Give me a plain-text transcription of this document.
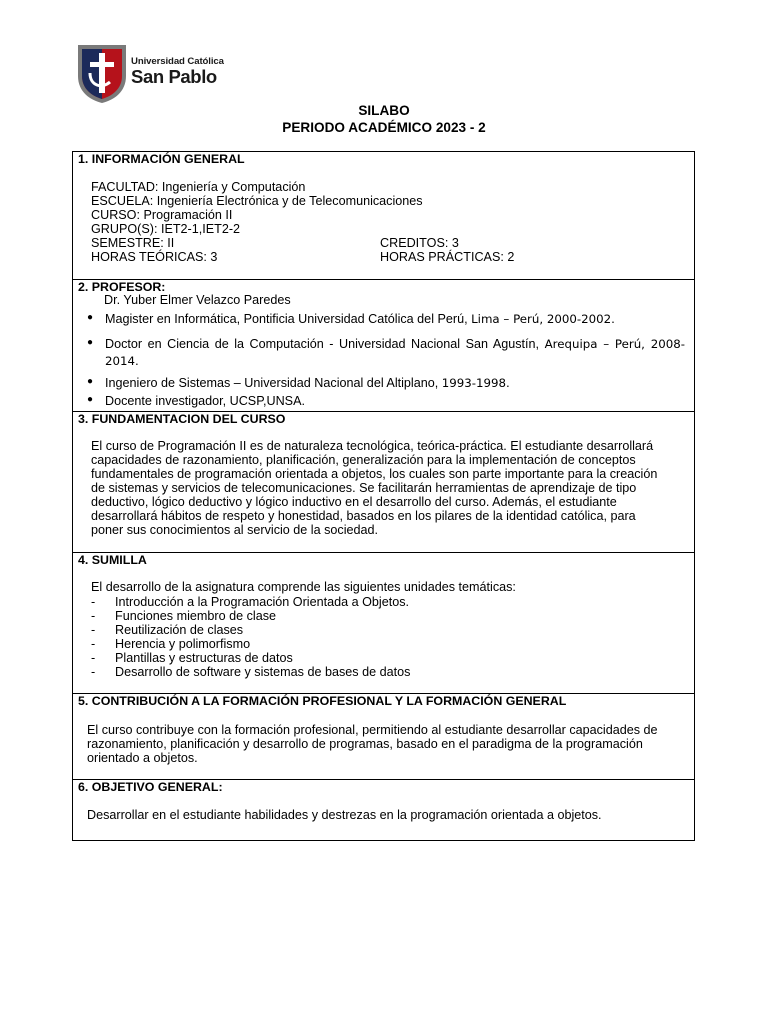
Universidad Católica
San Pablo
SILABO
PERIODO ACADÉMICO 2023 - 2
1. INFORMACIÓN GENERAL
FACULTAD: Ingeniería y Computación
ESCUELA: Ingeniería Electrónica y de Telecomunicaciones
CURSO: Programación II
GRUPO(S): IET2-1,IET2-2
SEMESTRE: II	CREDITOS: 3
HORAS TEÓRICAS: 3	HORAS PRÁCTICAS: 2
2. PROFESOR:
Dr. Yuber Elmer Velazco Paredes
● Magister en Informática, Pontificia Universidad Católica del Perú, Lima – Perú, 2000-2002.
● Doctor en Ciencia de la Computación - Universidad Nacional San Agustín, Arequipa – Perú, 2008-2014.
● Ingeniero de Sistemas – Universidad Nacional del Altiplano, 1993-1998.
● Docente investigador, UCSP,UNSA.
3. FUNDAMENTACION DEL CURSO
El curso de Programación II es de naturaleza tecnológica, teórica-práctica. El estudiante desarrollará
capacidades de razonamiento, planificación, generalización para la implementación de conceptos
fundamentales de programación orientada a objetos, los cuales son parte importante para la creación
de sistemas y servicios de telecomunicaciones. Se facilitarán herramientas de aprendizaje de tipo
deductivo, lógico deductivo y lógico inductivo en el desarrollo del curso. Además, el estudiante
desarrollará hábitos de respeto y honestidad, basados en los pilares de la identidad católica, para
poner sus conocimientos al servicio de la sociedad.
4. SUMILLA
El desarrollo de la asignatura comprende las siguientes unidades temáticas:
- Introducción a la Programación Orientada a Objetos.
- Funciones miembro de clase
- Reutilización de clases
- Herencia y polimorfismo
- Plantillas y estructuras de datos
- Desarrollo de software y sistemas de bases de datos
5. CONTRIBUCIÓN A LA FORMACIÓN PROFESIONAL Y LA FORMACIÓN GENERAL
El curso contribuye con la formación profesional, permitiendo al estudiante desarrollar capacidades de
razonamiento, planificación y desarrollo de programas, basado en el paradigma de la programación
orientado a objetos.
6. OBJETIVO GENERAL:
Desarrollar en el estudiante habilidades y destrezas en la programación orientada a objetos.
